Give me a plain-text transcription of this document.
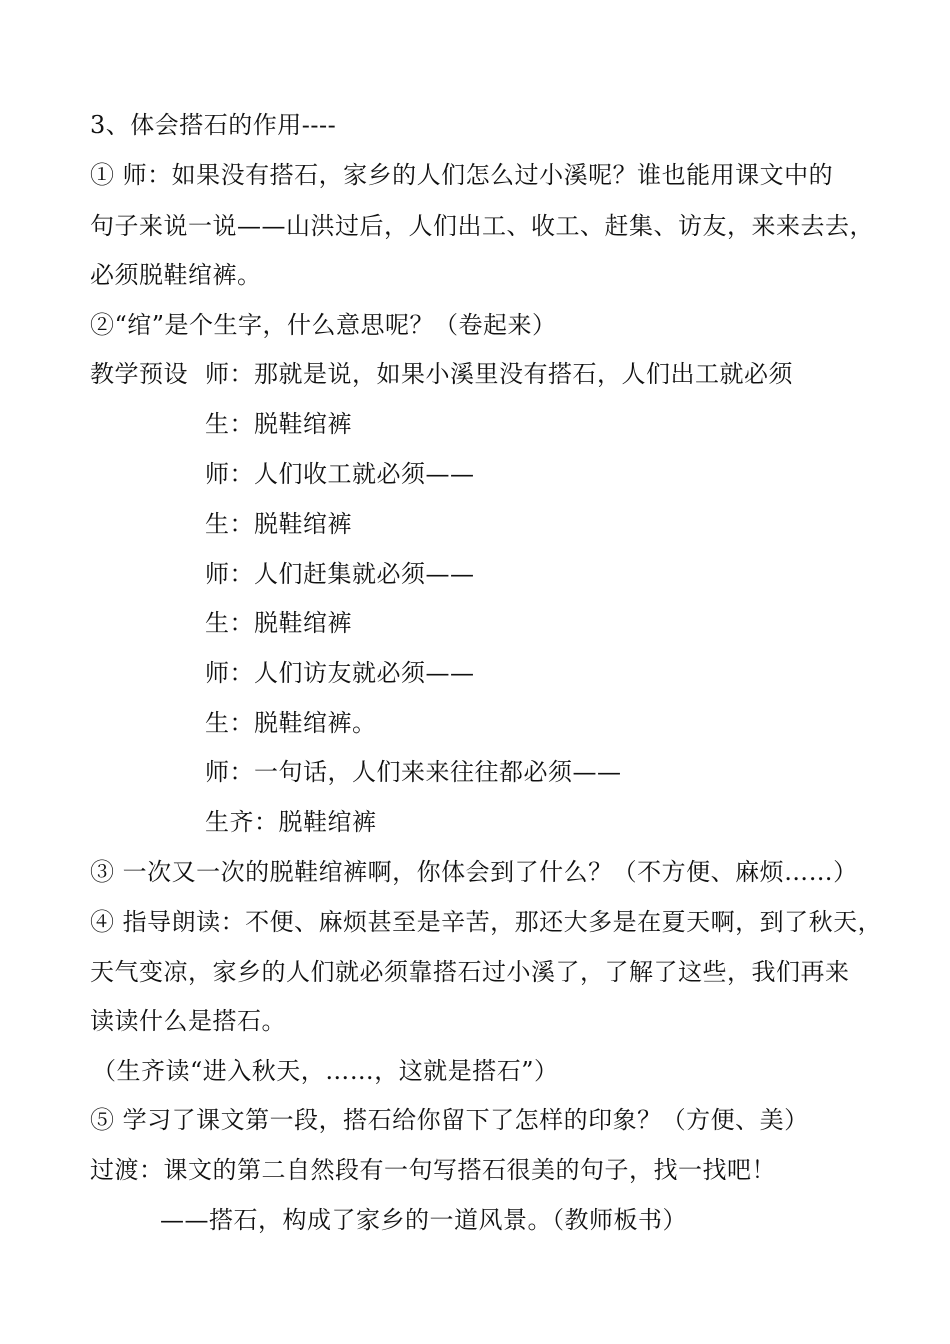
3、体会搭石的作用----
① 师：如果没有搭石，家乡的人们怎么过小溪呢？谁也能用课文中的
句子来说一说——山洪过后，人们出工、收工、赶集、访友，来来去去，
必须脱鞋绾裤。
②“绾”是个生字，什么意思呢？（卷起来）
教学预设 师：那就是说，如果小溪里没有搭石，人们出工就必须
生：脱鞋绾裤
师：人们收工就必须——
生：脱鞋绾裤
师：人们赶集就必须——
生：脱鞋绾裤
师：人们访友就必须——
生：脱鞋绾裤。
师：一句话，人们来来往往都必须——
生齐：脱鞋绾裤
③ 一次又一次的脱鞋绾裤啊，你体会到了什么？（不方便、麻烦……）
④ 指导朗读：不便、麻烦甚至是辛苦，那还大多是在夏天啊，到了秋天，
天气变凉，家乡的人们就必须靠搭石过小溪了，了解了这些，我们再来
读读什么是搭石。
（生齐读“进入秋天，……，这就是搭石”）
⑤ 学习了课文第一段，搭石给你留下了怎样的印象？（方便、美）
过渡：课文的第二自然段有一句写搭石很美的句子，找一找吧！
——搭石，构成了家乡的一道风景。（教师板书）
